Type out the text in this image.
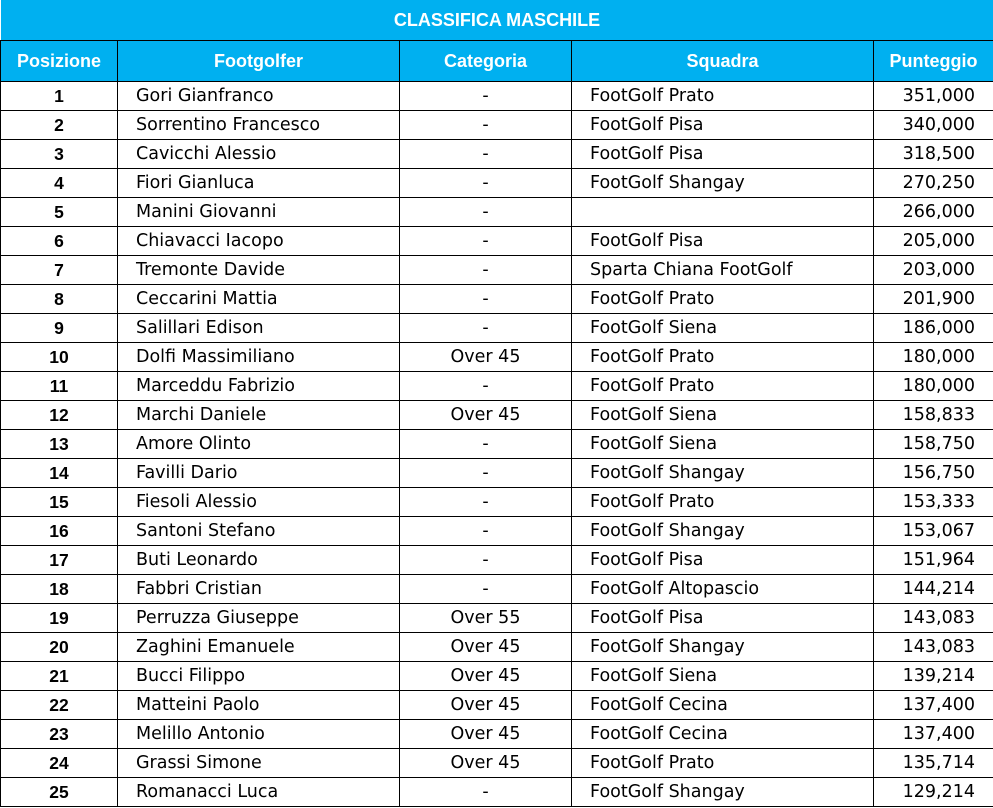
CLASSIFICA MASCHILE				
Posizione	Footgolfer	Categoria	Squadra	Punteggio
1	Gori Gianfranco	-	FootGolf Prato	351,000
2	Sorrentino Francesco	-	FootGolf Pisa	340,000
3	Cavicchi Alessio	-	FootGolf Pisa	318,500
4	Fiori Gianluca	-	FootGolf Shangay	270,250
5	Manini Giovanni	-		266,000
6	Chiavacci Iacopo	-	FootGolf Pisa	205,000
7	Tremonte Davide	-	Sparta Chiana FootGolf	203,000
8	Ceccarini Mattia	-	FootGolf Prato	201,900
9	Salillari Edison	-	FootGolf Siena	186,000
10	Dolfi Massimiliano	Over 45	FootGolf Prato	180,000
11	Marceddu Fabrizio	-	FootGolf Prato	180,000
12	Marchi Daniele	Over 45	FootGolf Siena	158,833
13	Amore Olinto	-	FootGolf Siena	158,750
14	Favilli Dario	-	FootGolf Shangay	156,750
15	Fiesoli Alessio	-	FootGolf Prato	153,333
16	Santoni Stefano	-	FootGolf Shangay	153,067
17	Buti Leonardo	-	FootGolf Pisa	151,964
18	Fabbri Cristian	-	FootGolf Altopascio	144,214
19	Perruzza Giuseppe	Over 55	FootGolf Pisa	143,083
20	Zaghini Emanuele	Over 45	FootGolf Shangay	143,083
21	Bucci Filippo	Over 45	FootGolf Siena	139,214
22	Matteini Paolo	Over 45	FootGolf Cecina	137,400
23	Melillo Antonio	Over 45	FootGolf Cecina	137,400
24	Grassi Simone	Over 45	FootGolf Prato	135,714
25	Romanacci Luca	-	FootGolf Shangay	129,214
